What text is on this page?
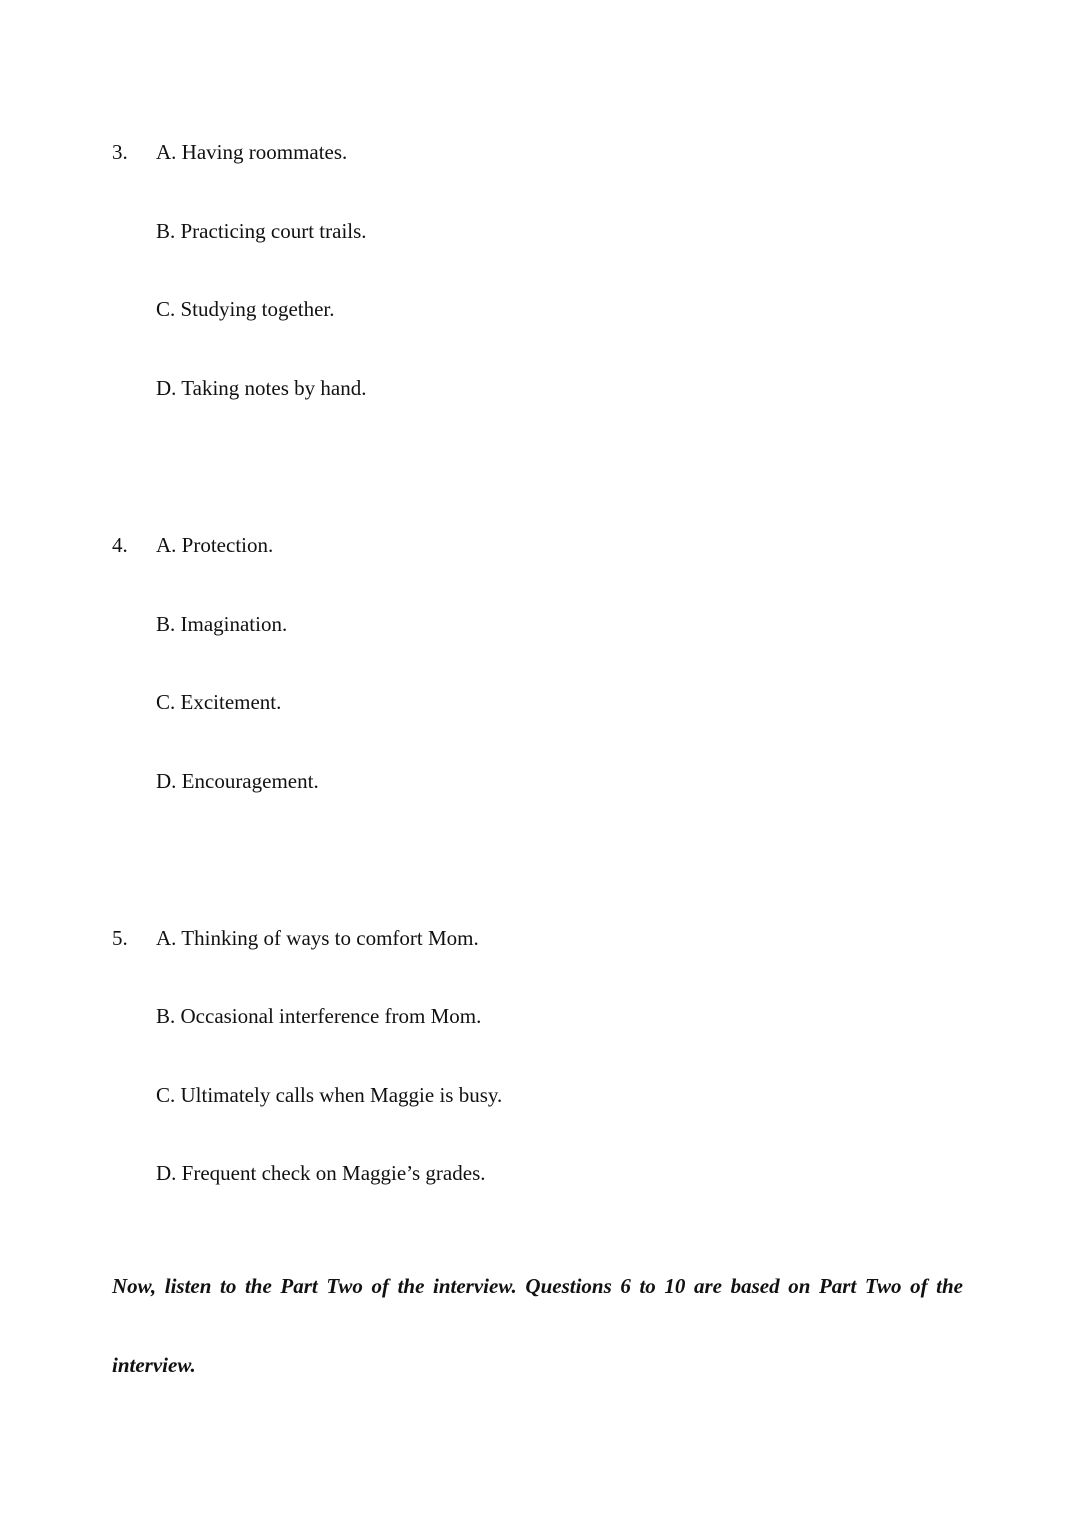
3. A. Having roommates.
B. Practicing court trails.
C. Studying together.
D. Taking notes by hand.
4. A. Protection.
B. Imagination.
C. Excitement.
D. Encouragement.
5. A. Thinking of ways to comfort Mom.
B. Occasional interference from Mom.
C. Ultimately calls when Maggie is busy.
D. Frequent check on Maggie’s grades.
Now, listen to the Part Two of the interview. Questions 6 to 10 are based on Part Two of the
interview.
